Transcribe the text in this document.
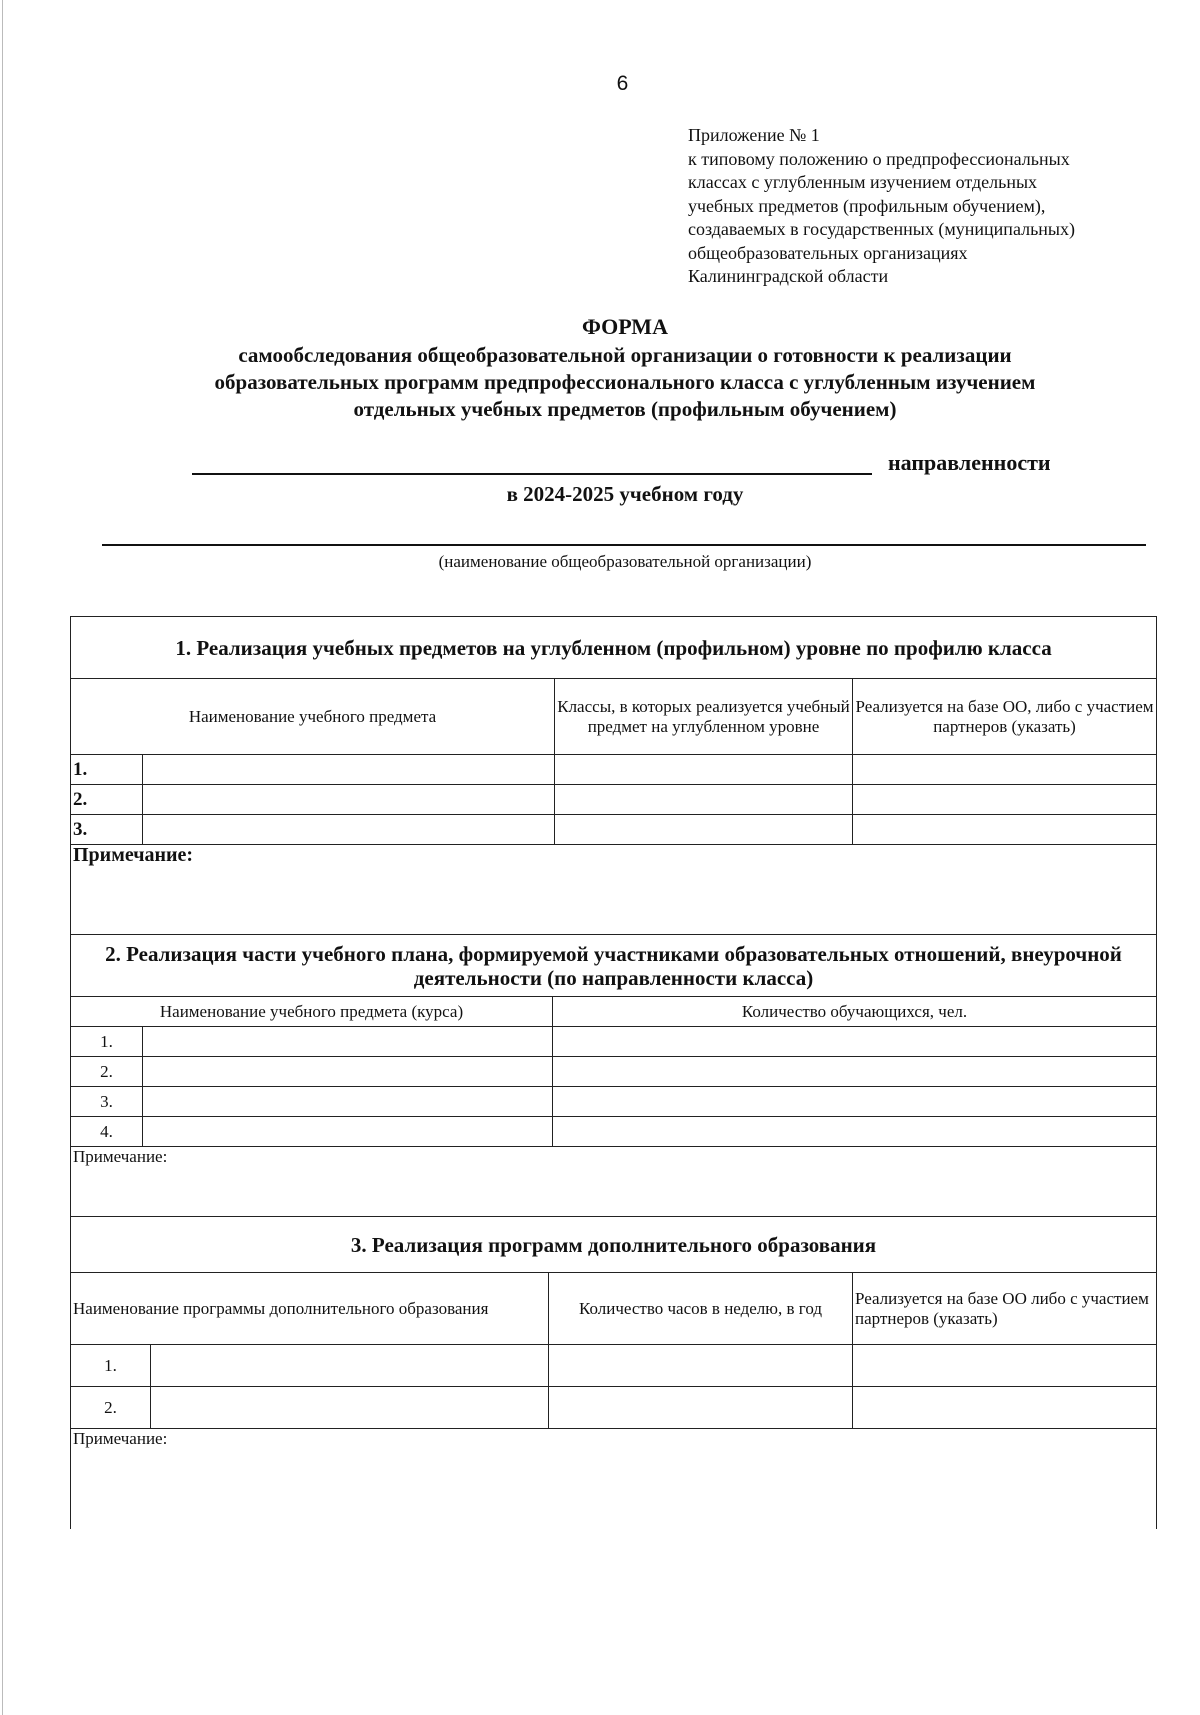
6
Приложение № 1
к типовому положению о предпрофессиональных
классах с углубленным изучением отдельных
учебных предметов (профильным обучением),
создаваемых в государственных (муниципальных)
общеобразовательных организациях
Калининградской области
ФОРМА
самообследования общеобразовательной организации о готовности к реализации
образовательных программ предпрофессионального класса с углубленным изучением
отдельных учебных предметов (профильным обучением)
направленности
в 2024-2025 учебном году
(наименование общеобразовательной организации)
1. Реализация учебных предметов на углубленном (профильном) уровне по профилю класса			
Наименование учебного предмета		Классы, в которых реализуется учебный предмет на углубленном уровне	Реализуется на базе ОО, либо с участием партнеров (указать)
1.			
2.			
3.			
Примечание:			
2. Реализация части учебного плана, формируемой участниками образовательных отношений, внеурочной деятельности (по направленности класса)		
Наименование учебного предмета (курса)		Количество обучающихся, чел.
1.		
2.		
3.		
4.		
Примечание:		
3. Реализация программ дополнительного образования			
Наименование программы дополнительного образования		Количество часов в неделю, в год	Реализуется на базе ОО либо с участием партнеров (указать)
1.			
2.			
Примечание:			
